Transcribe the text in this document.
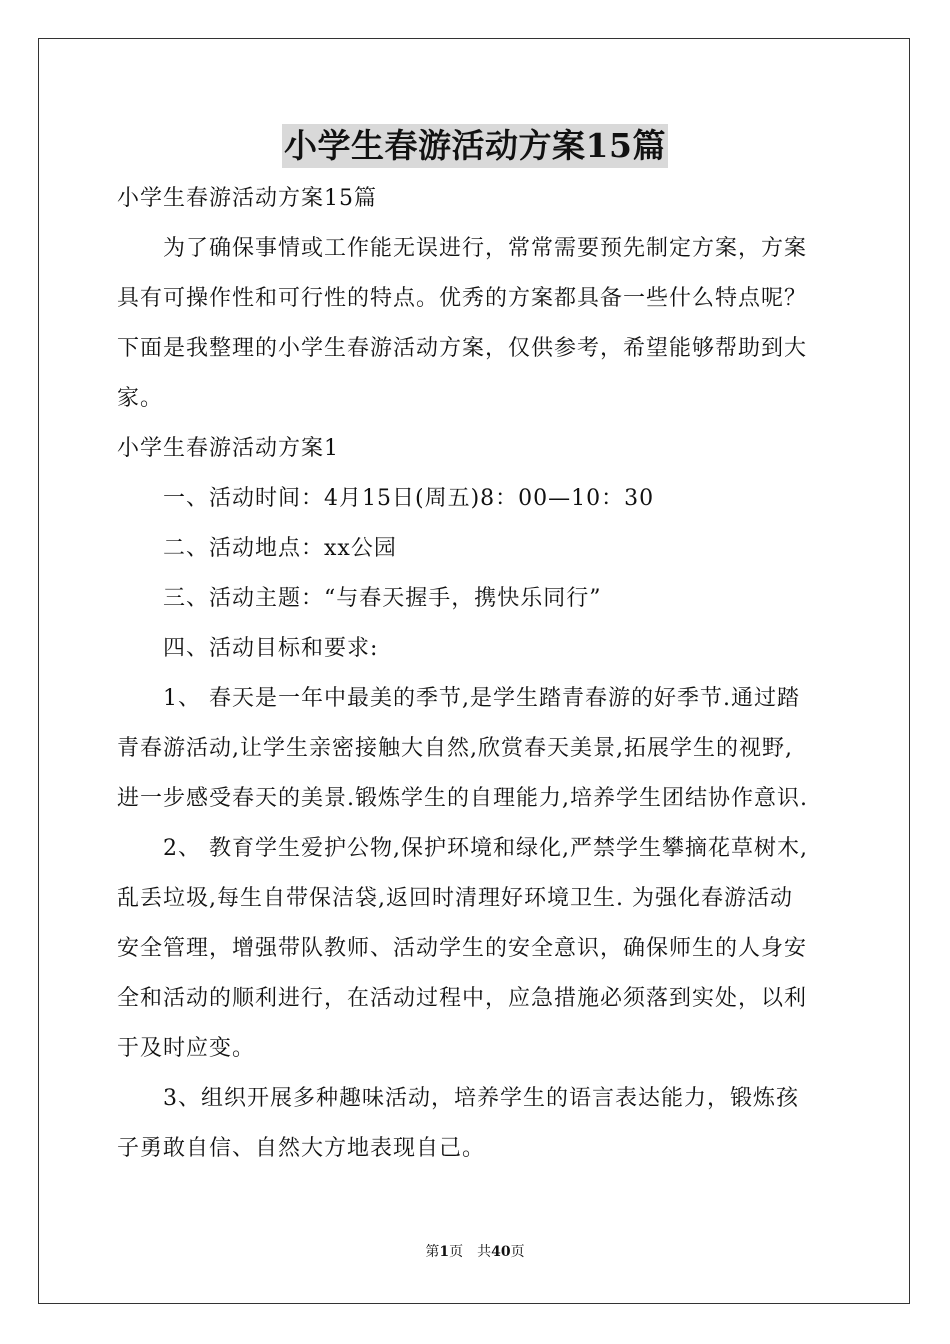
小学生春游活动方案15篇
小学生春游活动方案15篇
　　为了确保事情或工作能无误进行，常常需要预先制定方案，方案
具有可操作性和可行性的特点。优秀的方案都具备一些什么特点呢？
下面是我整理的小学生春游活动方案，仅供参考，希望能够帮助到大
家。
小学生春游活动方案1
　　一、活动时间：4月15日(周五)8：00—10：30
　　二、活动地点：xx公园
　　三、活动主题：“与春天握手，携快乐同行”
　　四、活动目标和要求:
　　1、 春天是一年中最美的季节,是学生踏青春游的好季节.通过踏
青春游活动,让学生亲密接触大自然,欣赏春天美景,拓展学生的视野,
进一步感受春天的美景.锻炼学生的自理能力,培养学生团结协作意识.
　　2、 教育学生爱护公物,保护环境和绿化,严禁学生攀摘花草树木,
乱丢垃圾,每生自带保洁袋,返回时清理好环境卫生. 为强化春游活动
安全管理，增强带队教师、活动学生的安全意识，确保师生的人身安
全和活动的顺利进行，在活动过程中，应急措施必须落到实处，以利
于及时应变。
　　3、组织开展多种趣味活动，培养学生的语言表达能力，锻炼孩
子勇敢自信、自然大方地表现自己。
第1页　共40页
